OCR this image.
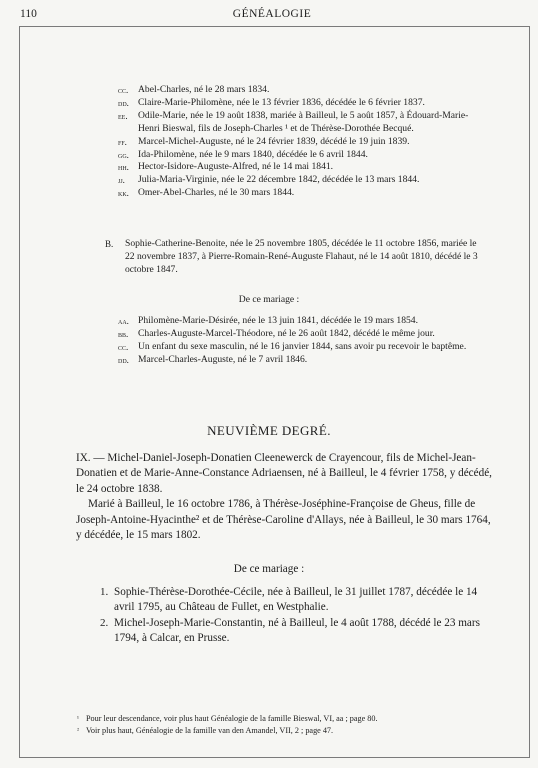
110	GÉNÉALOGIE
cc. Abel-Charles, né le 28 mars 1834.
dd. Claire-Marie-Philomène, née le 13 février 1836, décédée le 6 février 1837.
ee. Odile-Marie, née le 19 août 1838, mariée à Bailleul, le 5 août 1857, à Édouard-Marie-Henri Bieswal, fils de Joseph-Charles ¹ et de Thérèse-Dorothée Becqué.
ff. Marcel-Michel-Auguste, né le 24 février 1839, décédé le 19 juin 1839.
gg. Ida-Philomène, née le 9 mars 1840, décédée le 6 avril 1844.
hh. Hector-Isidore-Auguste-Alfred, né le 14 mai 1841.
jj. Julia-Maria-Virginie, née le 22 décembre 1842, décédée le 13 mars 1844.
kk. Omer-Abel-Charles, né le 30 mars 1844.
B. Sophie-Catherine-Benoite, née le 25 novembre 1805, décédée le 11 octobre 1856, mariée le 22 novembre 1837, à Pierre-Romain-René-Auguste Flahaut, né le 14 août 1810, décédé le 3 octobre 1847.
De ce mariage :
aa. Philomène-Marie-Désirée, née le 13 juin 1841, décédée le 19 mars 1854.
bb. Charles-Auguste-Marcel-Théodore, né le 26 août 1842, décédé le même jour.
cc. Un enfant du sexe masculin, né le 16 janvier 1844, sans avoir pu recevoir le baptême.
dd. Marcel-Charles-Auguste, né le 7 avril 1846.
NEUVIÈME DEGRÉ.
IX. — Michel-Daniel-Joseph-Donatien Cleenewerck de Crayencour, fils de Michel-Jean-Donatien et de Marie-Anne-Constance Adriaensen, né à Bailleul, le 4 février 1758, y décédé, le 24 octobre 1838.
Marié à Bailleul, le 16 octobre 1786, à Thérèse-Joséphine-Françoise de Gheus, fille de Joseph-Antoine-Hyacinthe² et de Thérèse-Caroline d'Allays, née à Bailleul, le 30 mars 1764, y décédée, le 15 mars 1802.
De ce mariage :
1. Sophie-Thérèse-Dorothée-Cécile, née à Bailleul, le 31 juillet 1787, décédée le 14 avril 1795, au Château de Fullet, en Westphalie.
2. Michel-Joseph-Marie-Constantin, né à Bailleul, le 4 août 1788, décédé le 23 mars 1794, à Calcar, en Prusse.
¹ Pour leur descendance, voir plus haut Généalogie de la famille Bieswal, VI, aa ; page 80.
² Voir plus haut, Généalogie de la famille van den Amandel, VII, 2 ; page 47.
